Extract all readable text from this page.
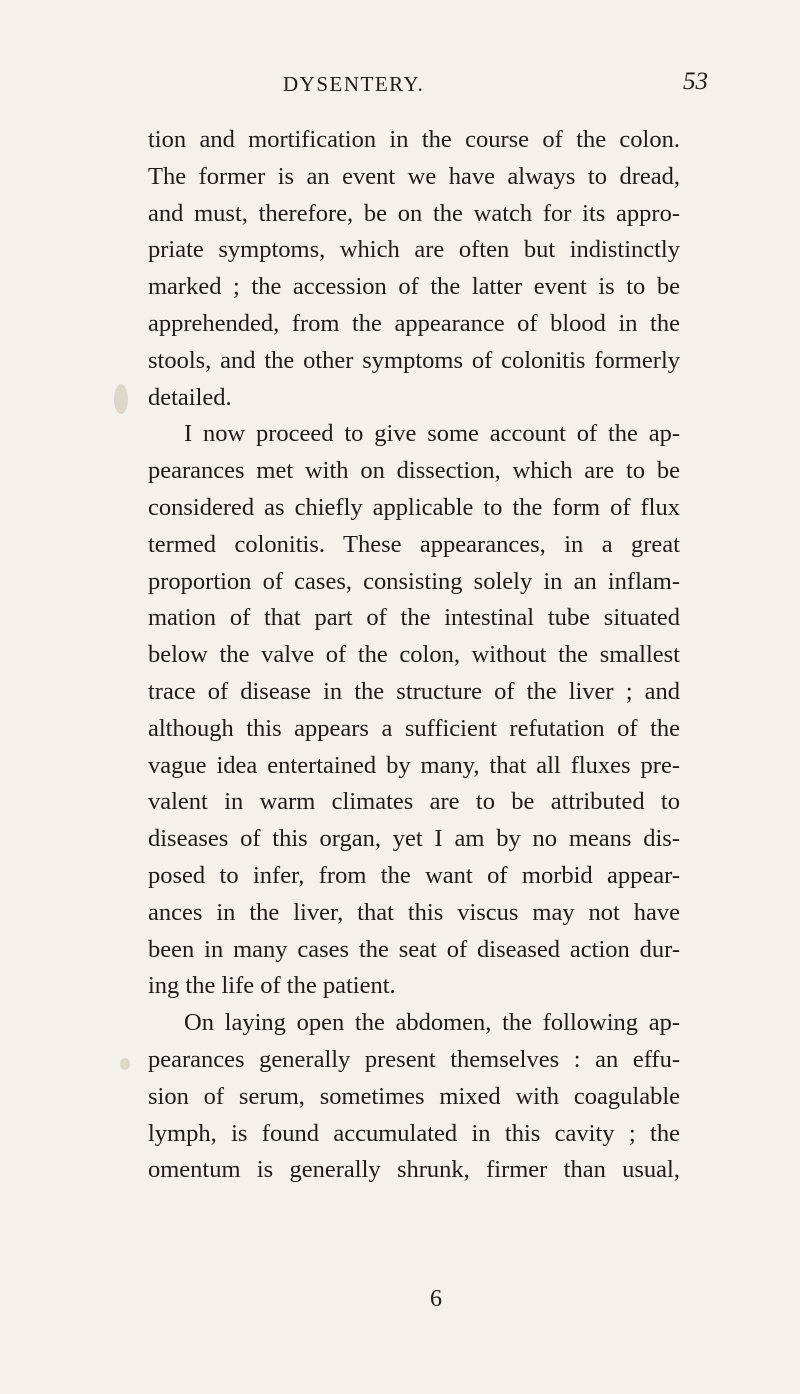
DYSENTERY.	53
tion and mortification in the course of the colon.
The former is an event we have always to dread,
and must, therefore, be on the watch for its appro-
priate symptoms, which are often but indistinctly
marked ; the accession of the latter event is to be
apprehended, from the appearance of blood in the
stools, and the other symptoms of colonitis formerly
detailed.
I now proceed to give some account of the ap-
pearances met with on dissection, which are to be
considered as chiefly applicable to the form of flux
termed colonitis. These appearances, in a great
proportion of cases, consisting solely in an inflam-
mation of that part of the intestinal tube situated
below the valve of the colon, without the smallest
trace of disease in the structure of the liver ; and
although this appears a sufficient refutation of the
vague idea entertained by many, that all fluxes pre-
valent in warm climates are to be attributed to
diseases of this organ, yet I am by no means dis-
posed to infer, from the want of morbid appear-
ances in the liver, that this viscus may not have
been in many cases the seat of diseased action dur-
ing the life of the patient.
On laying open the abdomen, the following ap-
pearances generally present themselves : an effu-
sion of serum, sometimes mixed with coagulable
lymph, is found accumulated in this cavity ; the
omentum is generally shrunk, firmer than usual,
6
